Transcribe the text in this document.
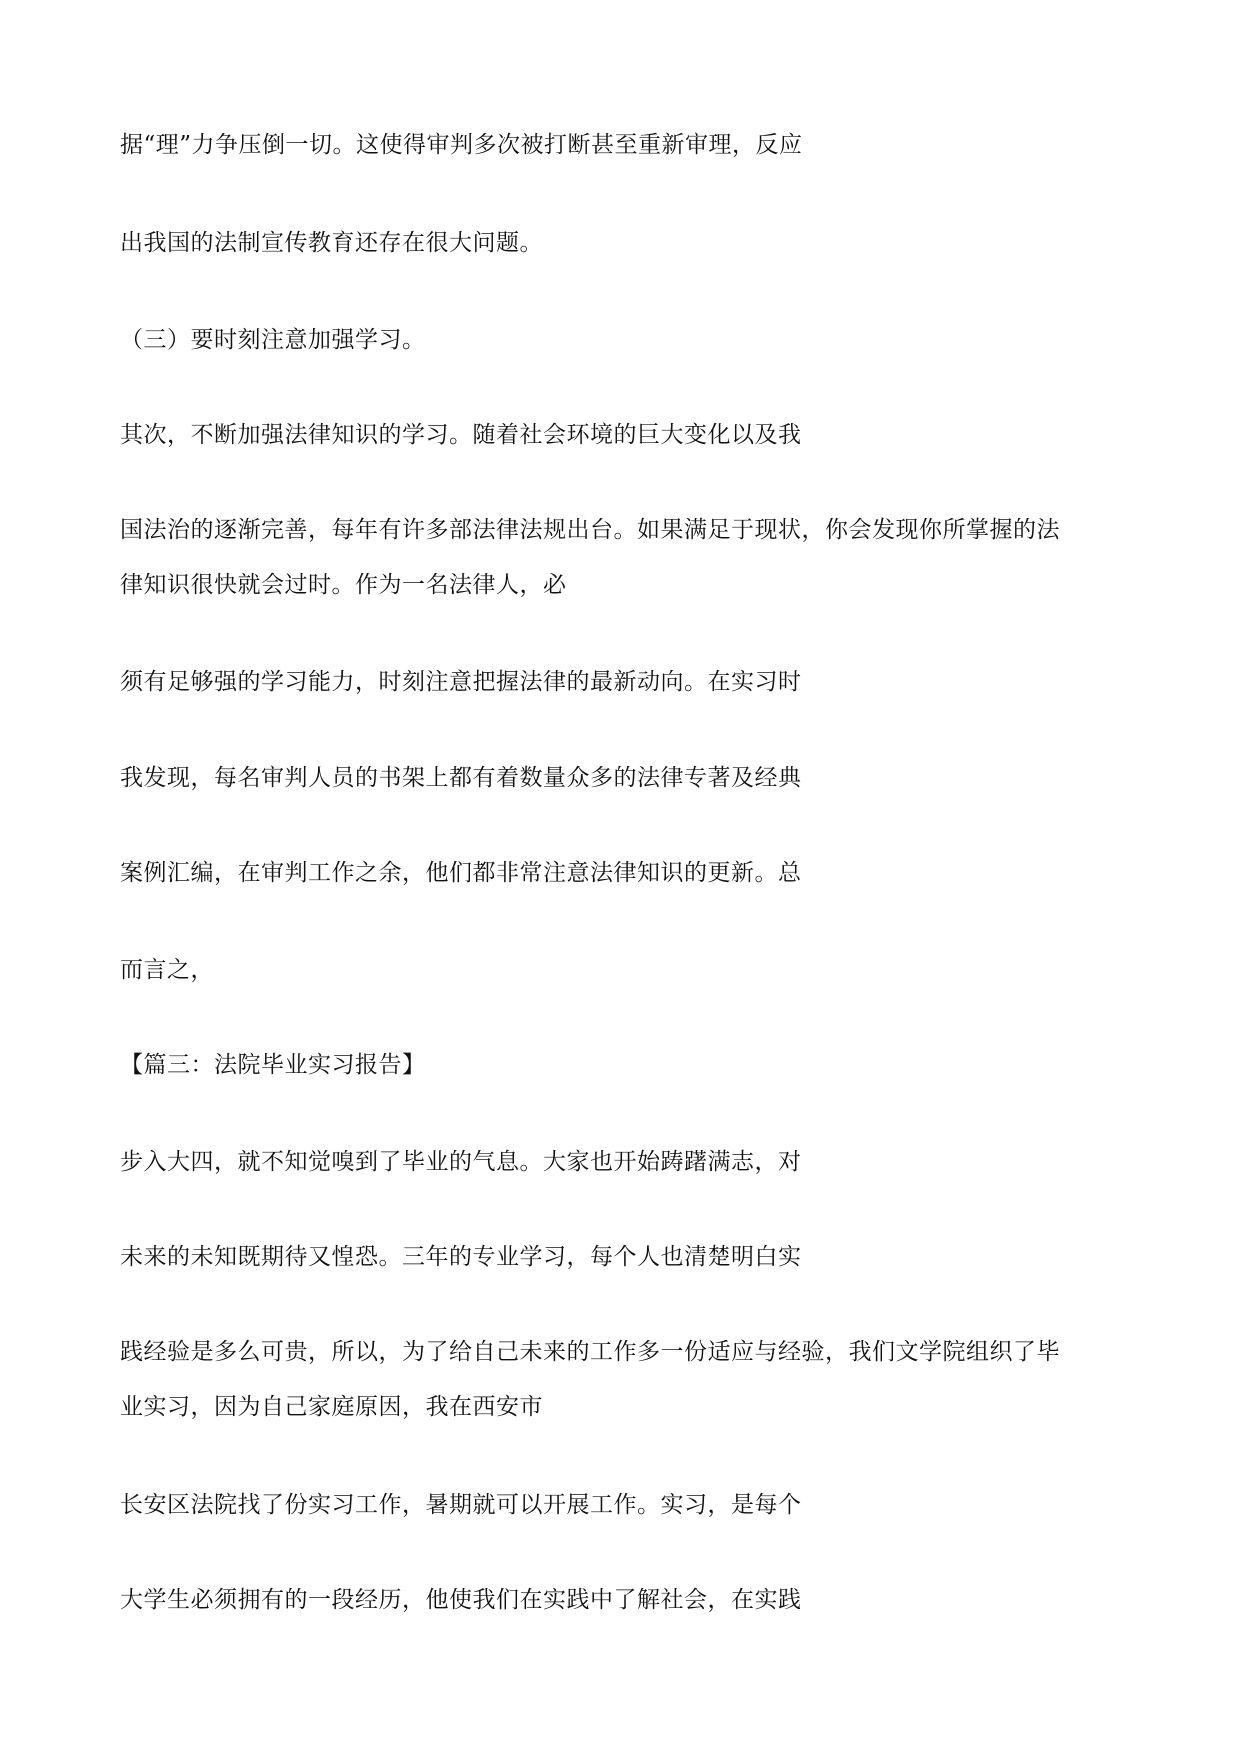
据“理”力争压倒一切。这使得审判多次被打断甚至重新审理，反应
出我国的法制宣传教育还存在很大问题。
（三）要时刻注意加强学习。
其次，不断加强法律知识的学习。随着社会环境的巨大变化以及我
国法治的逐渐完善，每年有许多部法律法规出台。如果满足于现状，你会发现你所掌握的法
律知识很快就会过时。作为一名法律人，必
须有足够强的学习能力，时刻注意把握法律的最新动向。在实习时
我发现，每名审判人员的书架上都有着数量众多的法律专著及经典
案例汇编，在审判工作之余，他们都非常注意法律知识的更新。总
而言之，
【篇三：法院毕业实习报告】
步入大四，就不知觉嗅到了毕业的气息。大家也开始踌躇满志，对
未来的未知既期待又惶恐。三年的专业学习，每个人也清楚明白实
践经验是多么可贵，所以，为了给自己未来的工作多一份适应与经验，我们文学院组织了毕
业实习，因为自己家庭原因，我在西安市
长安区法院找了份实习工作，暑期就可以开展工作。实习，是每个
大学生必须拥有的一段经历，他使我们在实践中了解社会，在实践
